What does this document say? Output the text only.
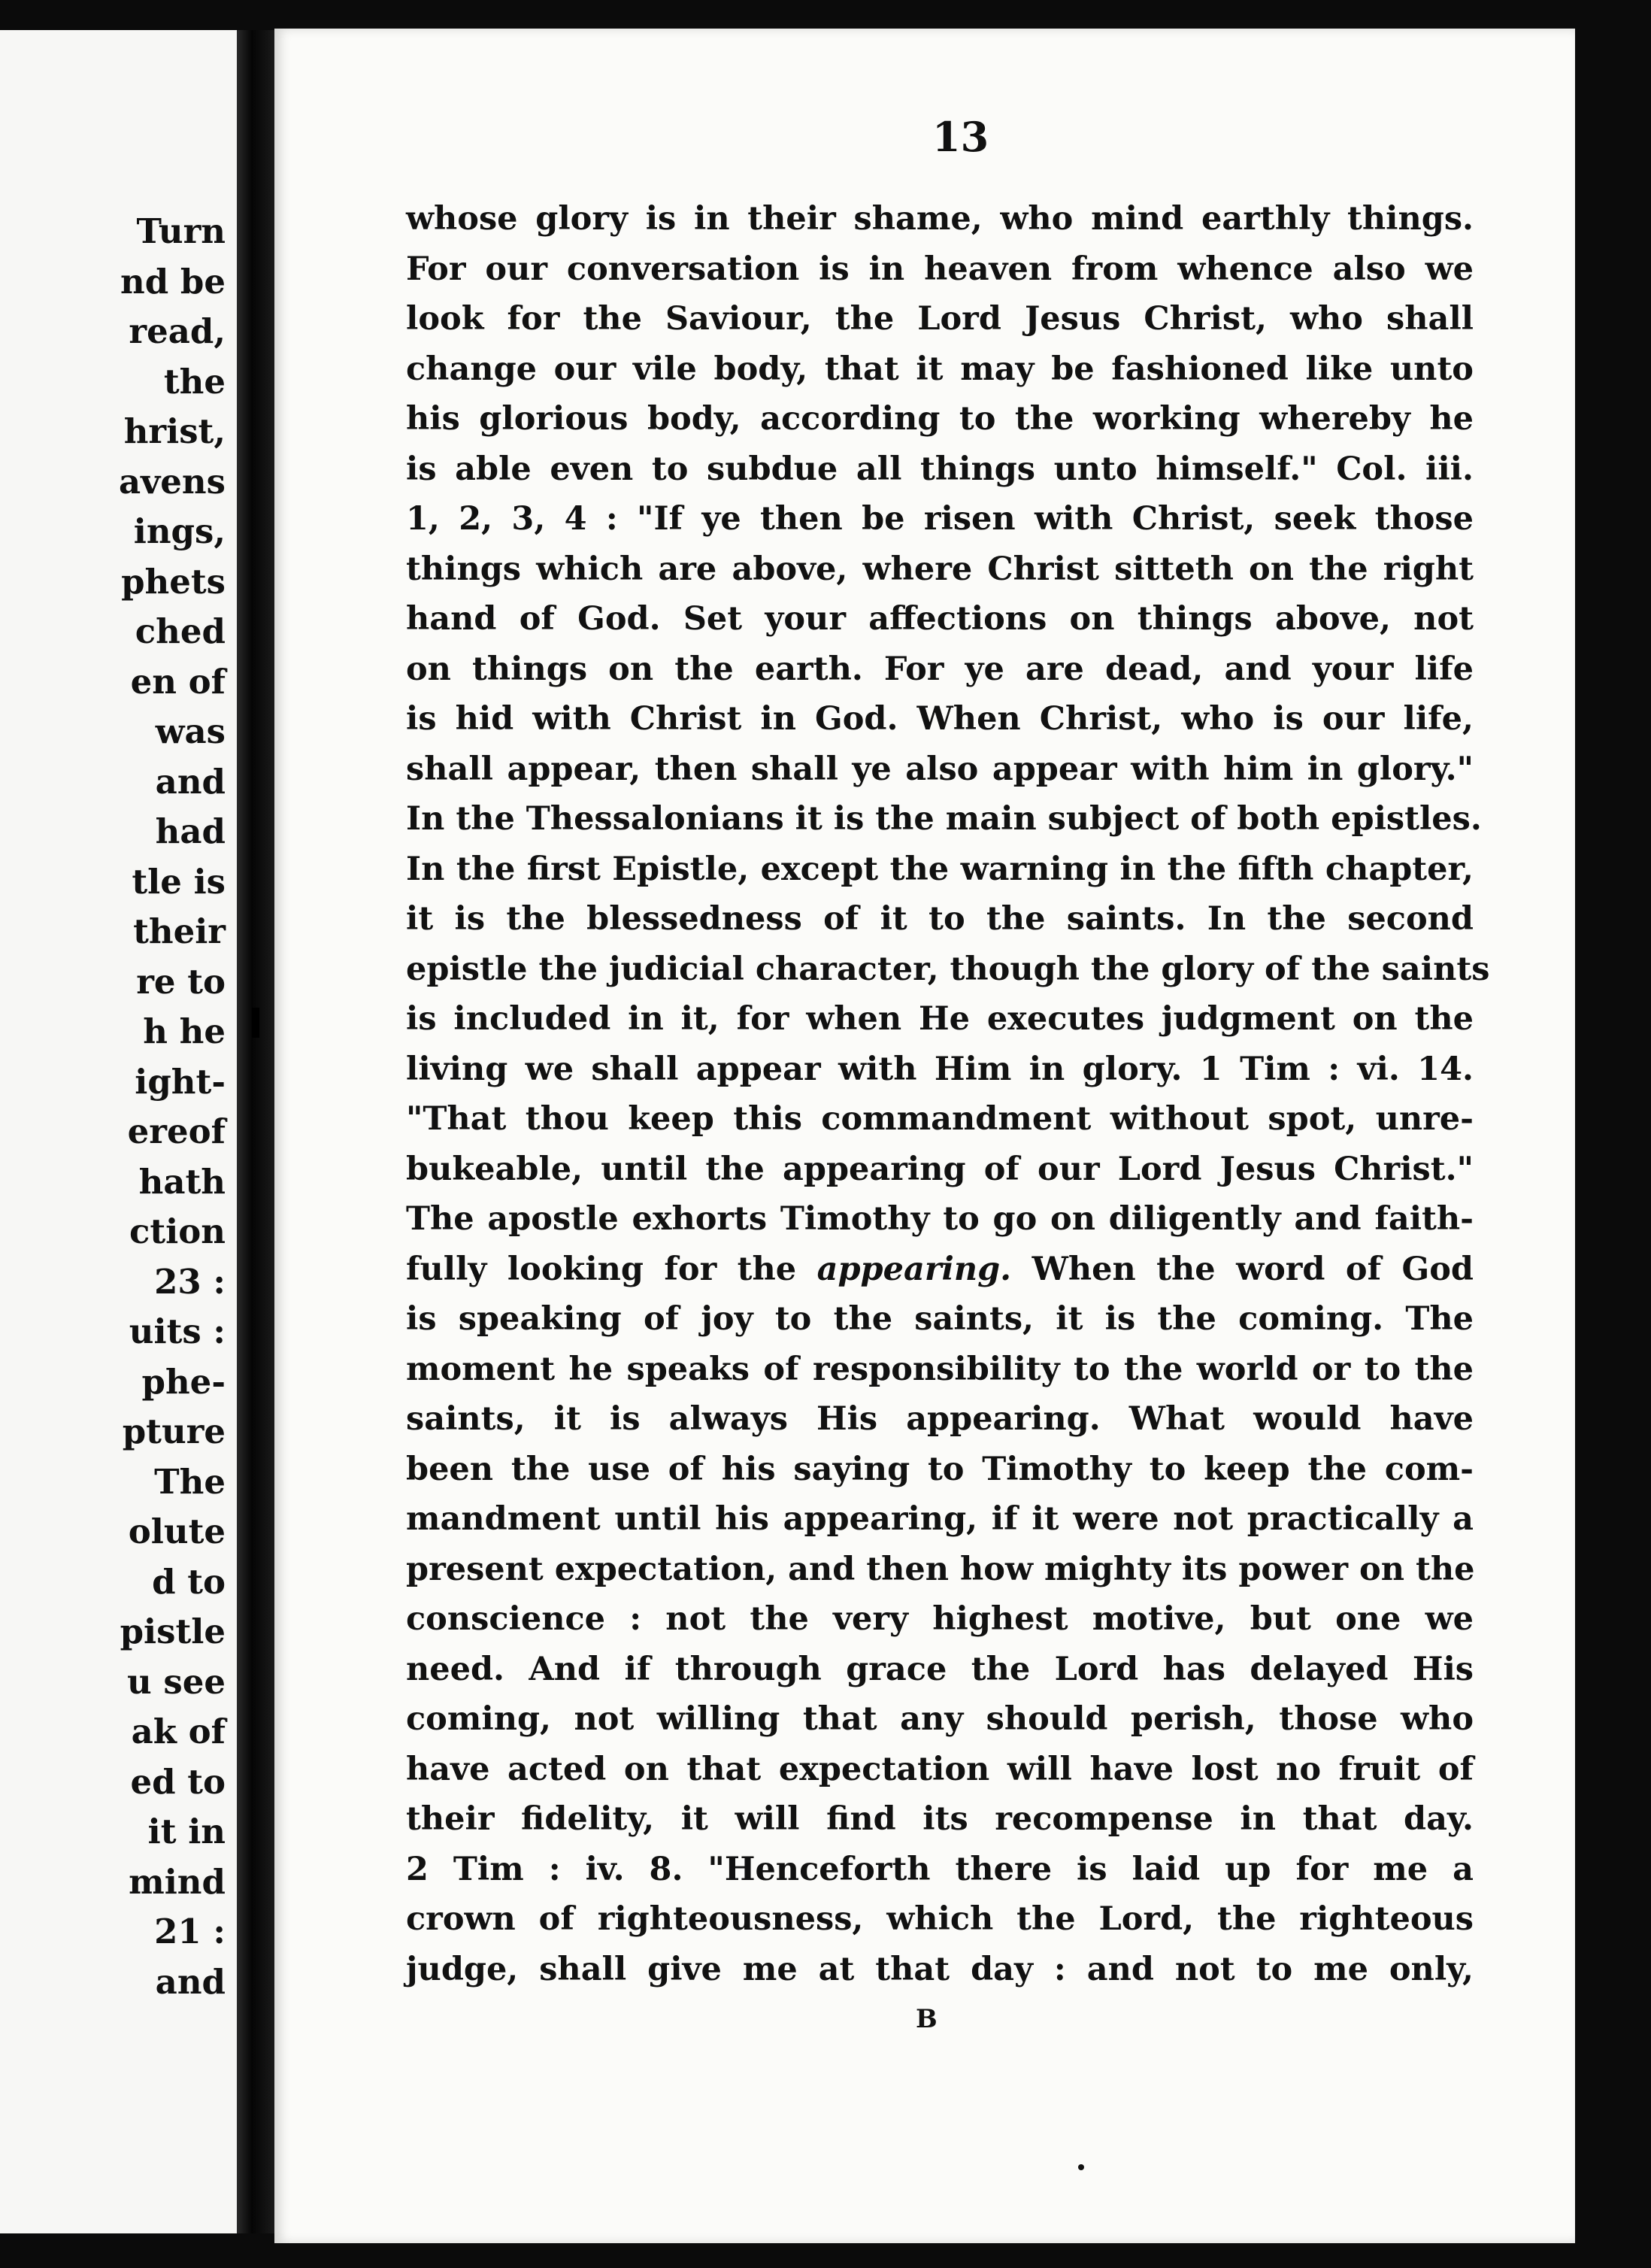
Turn
nd be
read,
the
hrist,
avens
ings,
phets
ched
en of
was
and
had
tle is
their
re to
h he
ight-
ereof
hath
ction
23 :
uits :
phe-
pture
The
olute
d to
pistle
u see
ak of
ed to
it in
mind
21 :
and
13
whose glory is in their shame, who mind earthly things.
For our conversation is in heaven from whence also we
look for the Saviour, the Lord Jesus Christ, who shall
change our vile body, that it may be fashioned like unto
his glorious body, according to the working whereby he
is able even to subdue all things unto himself." Col. iii.
1, 2, 3, 4 : "If ye then be risen with Christ, seek those
things which are above, where Christ sitteth on the right
hand of God. Set your affections on things above, not
on things on the earth. For ye are dead, and your life
is hid with Christ in God. When Christ, who is our life,
shall appear, then shall ye also appear with him in glory."
In the Thessalonians it is the main subject of both epistles.
In the first Epistle, except the warning in the fifth chapter,
it is the blessedness of it to the saints. In the second
epistle the judicial character, though the glory of the saints
is included in it, for when He executes judgment on the
living we shall appear with Him in glory. 1 Tim : vi. 14.
"That thou keep this commandment without spot, unre-
bukeable, until the appearing of our Lord Jesus Christ."
The apostle exhorts Timothy to go on diligently and faith-
fully looking for the appearing. When the word of God
is speaking of joy to the saints, it is the coming. The
moment he speaks of responsibility to the world or to the
saints, it is always His appearing. What would have
been the use of his saying to Timothy to keep the com-
mandment until his appearing, if it were not practically a
present expectation, and then how mighty its power on the
conscience : not the very highest motive, but one we
need. And if through grace the Lord has delayed His
coming, not willing that any should perish, those who
have acted on that expectation will have lost no fruit of
their fidelity, it will find its recompense in that day.
2 Tim : iv. 8. "Henceforth there is laid up for me a
crown of righteousness, which the Lord, the righteous
judge, shall give me at that day : and not to me only,
B
